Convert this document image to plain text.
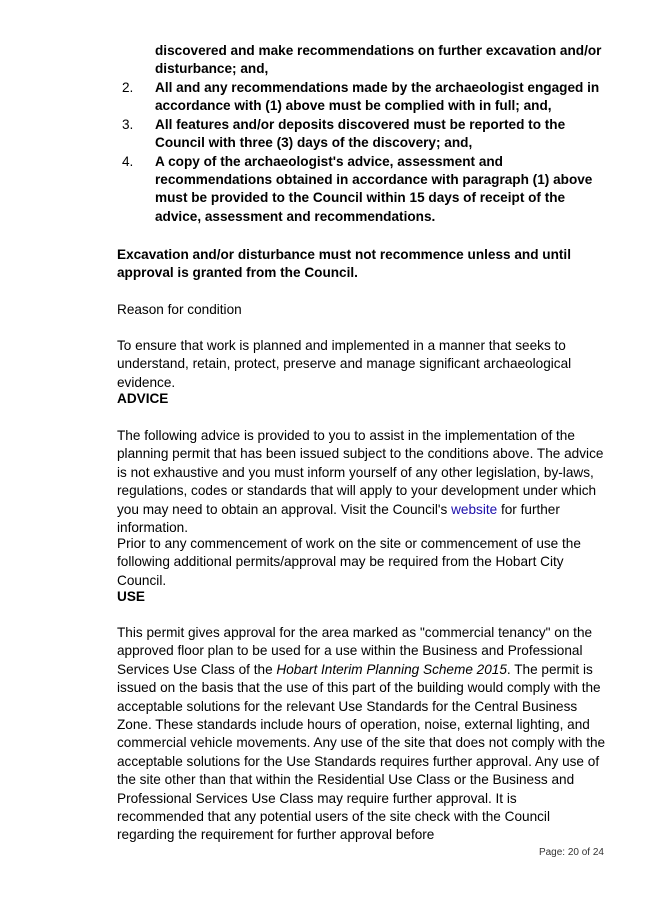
discovered and make recommendations on further excavation and/or disturbance; and,
2. All and any recommendations made by the archaeologist engaged in accordance with (1) above must be complied with in full; and,
3. All features and/or deposits discovered must be reported to the Council with three (3) days of the discovery; and,
4. A copy of the archaeologist's advice, assessment and recommendations obtained in accordance with paragraph (1) above must be provided to the Council within 15 days of receipt of the advice, assessment and recommendations.
Excavation and/or disturbance must not recommence unless and until approval is granted from the Council.
Reason for condition
To ensure that work is planned and implemented in a manner that seeks to understand, retain, protect, preserve and manage significant archaeological evidence.
ADVICE
The following advice is provided to you to assist in the implementation of the planning permit that has been issued subject to the conditions above. The advice is not exhaustive and you must inform yourself of any other legislation, by-laws, regulations, codes or standards that will apply to your development under which you may need to obtain an approval. Visit the Council's website for further information.
Prior to any commencement of work on the site or commencement of use the following additional permits/approval may be required from the Hobart City Council.
USE
This permit gives approval for the area marked as "commercial tenancy" on the approved floor plan to be used for a use within the Business and Professional Services Use Class of the Hobart Interim Planning Scheme 2015. The permit is issued on the basis that the use of this part of the building would comply with the acceptable solutions for the relevant Use Standards for the Central Business Zone. These standards include hours of operation, noise, external lighting, and commercial vehicle movements. Any use of the site that does not comply with the acceptable solutions for the Use Standards requires further approval. Any use of the site other than that within the Residential Use Class or the Business and Professional Services Use Class may require further approval. It is recommended that any potential users of the site check with the Council regarding the requirement for further approval before
Page: 20 of 24
